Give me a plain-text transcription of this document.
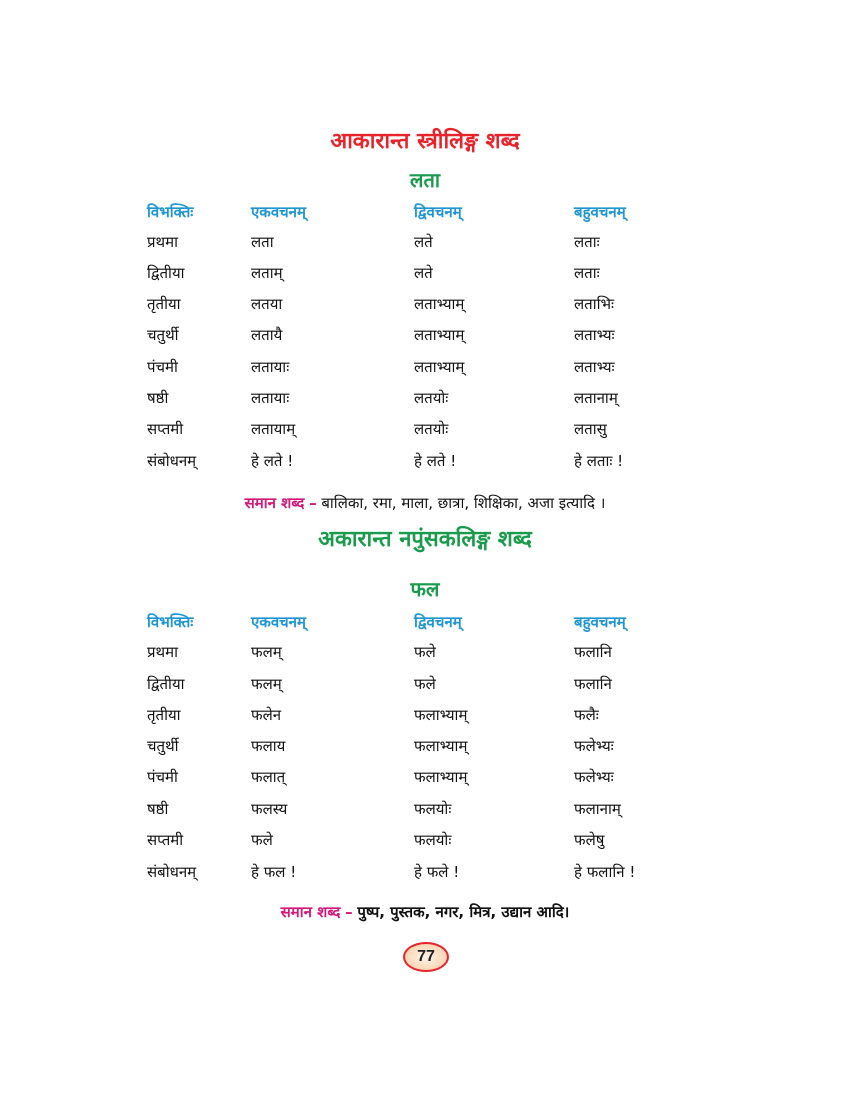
आकारान्त स्त्रीलिङ्ग शब्द
लता
विभक्तिः	एकवचनम्	द्विवचनम्	बहुवचनम्
प्रथमा	लता	लते	लताः
द्वितीया	लताम्	लते	लताः
तृतीया	लतया	लताभ्याम्	लताभिः
चतुर्थी	लतायै	लताभ्याम्	लताभ्यः
पंचमी	लतायाः	लताभ्याम्	लताभ्यः
षष्ठी	लतायाः	लतयोः	लतानाम्
सप्तमी	लतायाम्	लतयोः	लतासु
संबोधनम्	हे लते !	हे लते !	हे लताः !
समान शब्द – बालिका, रमा, माला, छात्रा, शिक्षिका, अजा इत्यादि ।
अकारान्त नपुंसकलिङ्ग शब्द
फल
विभक्तिः	एकवचनम्	द्विवचनम्	बहुवचनम्
प्रथमा	फलम्	फले	फलानि
द्वितीया	फलम्	फले	फलानि
तृतीया	फलेन	फलाभ्याम्	फलैः
चतुर्थी	फलाय	फलाभ्याम्	फलेभ्यः
पंचमी	फलात्	फलाभ्याम्	फलेभ्यः
षष्ठी	फलस्य	फलयोः	फलानाम्
सप्तमी	फले	फलयोः	फलेषु
संबोधनम्	हे फल !	हे फले !	हे फलानि !
समान शब्द – पुष्प, पुस्तक, नगर, मित्र, उद्यान आदि।
77
